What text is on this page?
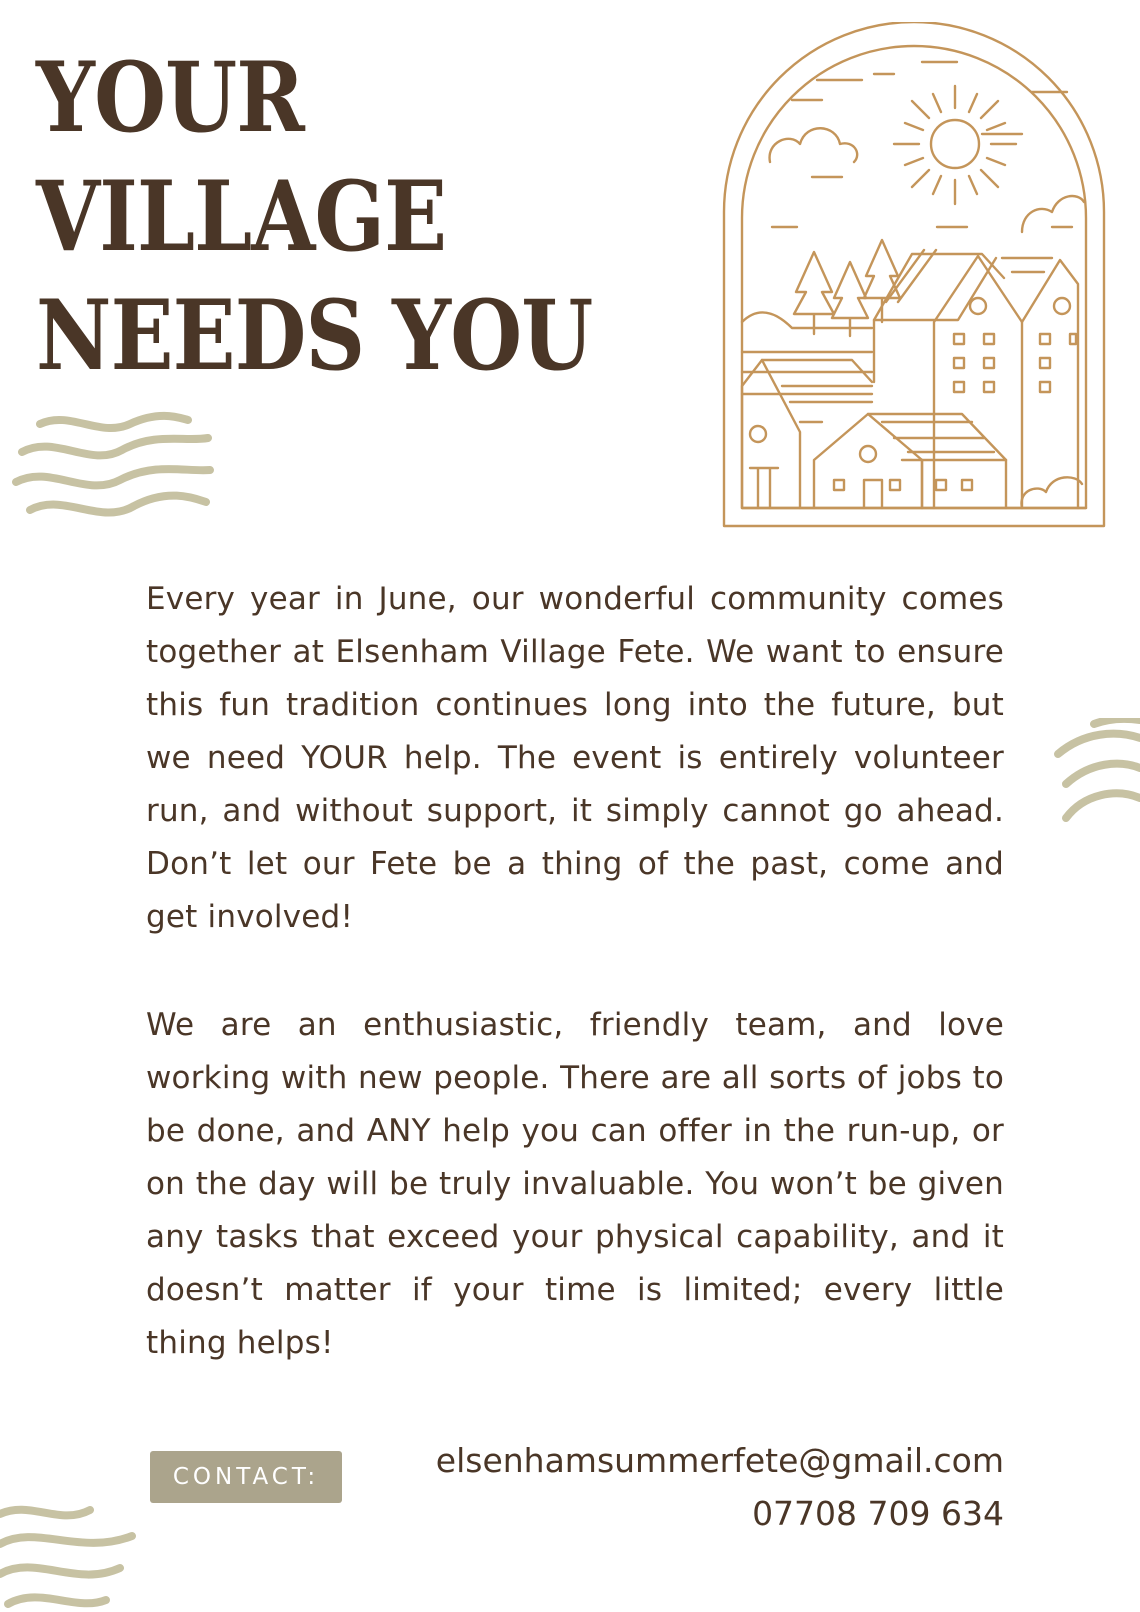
YOUR
VILLAGE
NEEDS YOU

Every year in June, our wonderful community comes together at Elsenham Village Fete. We want to ensure this fun tradition continues long into the future, but we need YOUR help. The event is entirely volunteer run, and without support, it simply cannot go ahead. Don’t let our Fete be a thing of the past, come and get involved!

We are an enthusiastic, friendly team, and love working with new people. There are all sorts of jobs to be done, and ANY help you can offer in the run-up, or on the day will be truly invaluable. You won’t be given any tasks that exceed your physical capability, and it doesn’t matter if your time is limited; every little thing helps!

CONTACT:	elsenhamsummerfete@gmail.com
07708 709 634
